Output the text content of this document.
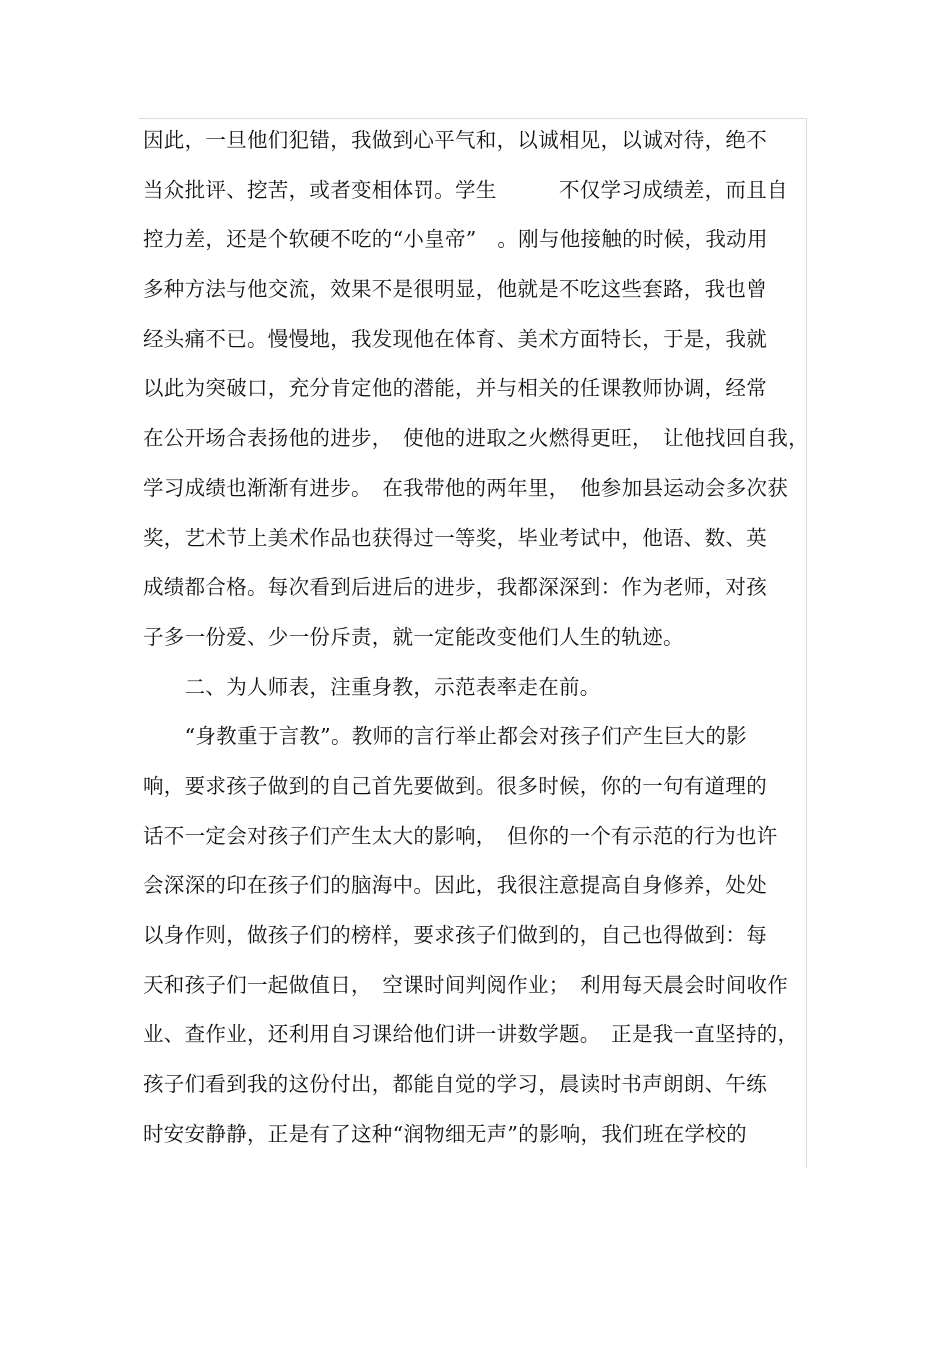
因此，一旦他们犯错，我做到心平气和，以诚相见，以诚对待，绝不
当众批评、挖苦，或者变相体罚。学生　　　不仅学习成绩差，而且自
控力差，还是个软硬不吃的“小皇帝”　。刚与他接触的时候，我动用
多种方法与他交流，效果不是很明显，他就是不吃这些套路，我也曾
经头痛不已。慢慢地，我发现他在体育、美术方面特长，于是，我就
以此为突破口，充分肯定他的潜能，并与相关的任课教师协调，经常
在公开场合表扬他的进步，　使他的进取之火燃得更旺，　让他找回自我，
学习成绩也渐渐有进步。　在我带他的两年里，　他参加县运动会多次获
奖，艺术节上美术作品也获得过一等奖，毕业考试中，他语、数、英
成绩都合格。每次看到后进后的进步，我都深深到：作为老师，对孩
子多一份爱、少一份斥责，就一定能改变他们人生的轨迹。
　　二、为人师表，注重身教，示范表率走在前。
　　“身教重于言教”。教师的言行举止都会对孩子们产生巨大的影
响，要求孩子做到的自己首先要做到。很多时候，你的一句有道理的
话不一定会对孩子们产生太大的影响，　但你的一个有示范的行为也许
会深深的印在孩子们的脑海中。因此，我很注意提高自身修养，处处
以身作则，做孩子们的榜样，要求孩子们做到的，自己也得做到：每
天和孩子们一起做值日，　空课时间判阅作业；　利用每天晨会时间收作
业、查作业，还利用自习课给他们讲一讲数学题。　正是我一直坚持的，
孩子们看到我的这份付出，都能自觉的学习，晨读时书声朗朗、午练
时安安静静，正是有了这种“润物细无声”的影响，我们班在学校的
